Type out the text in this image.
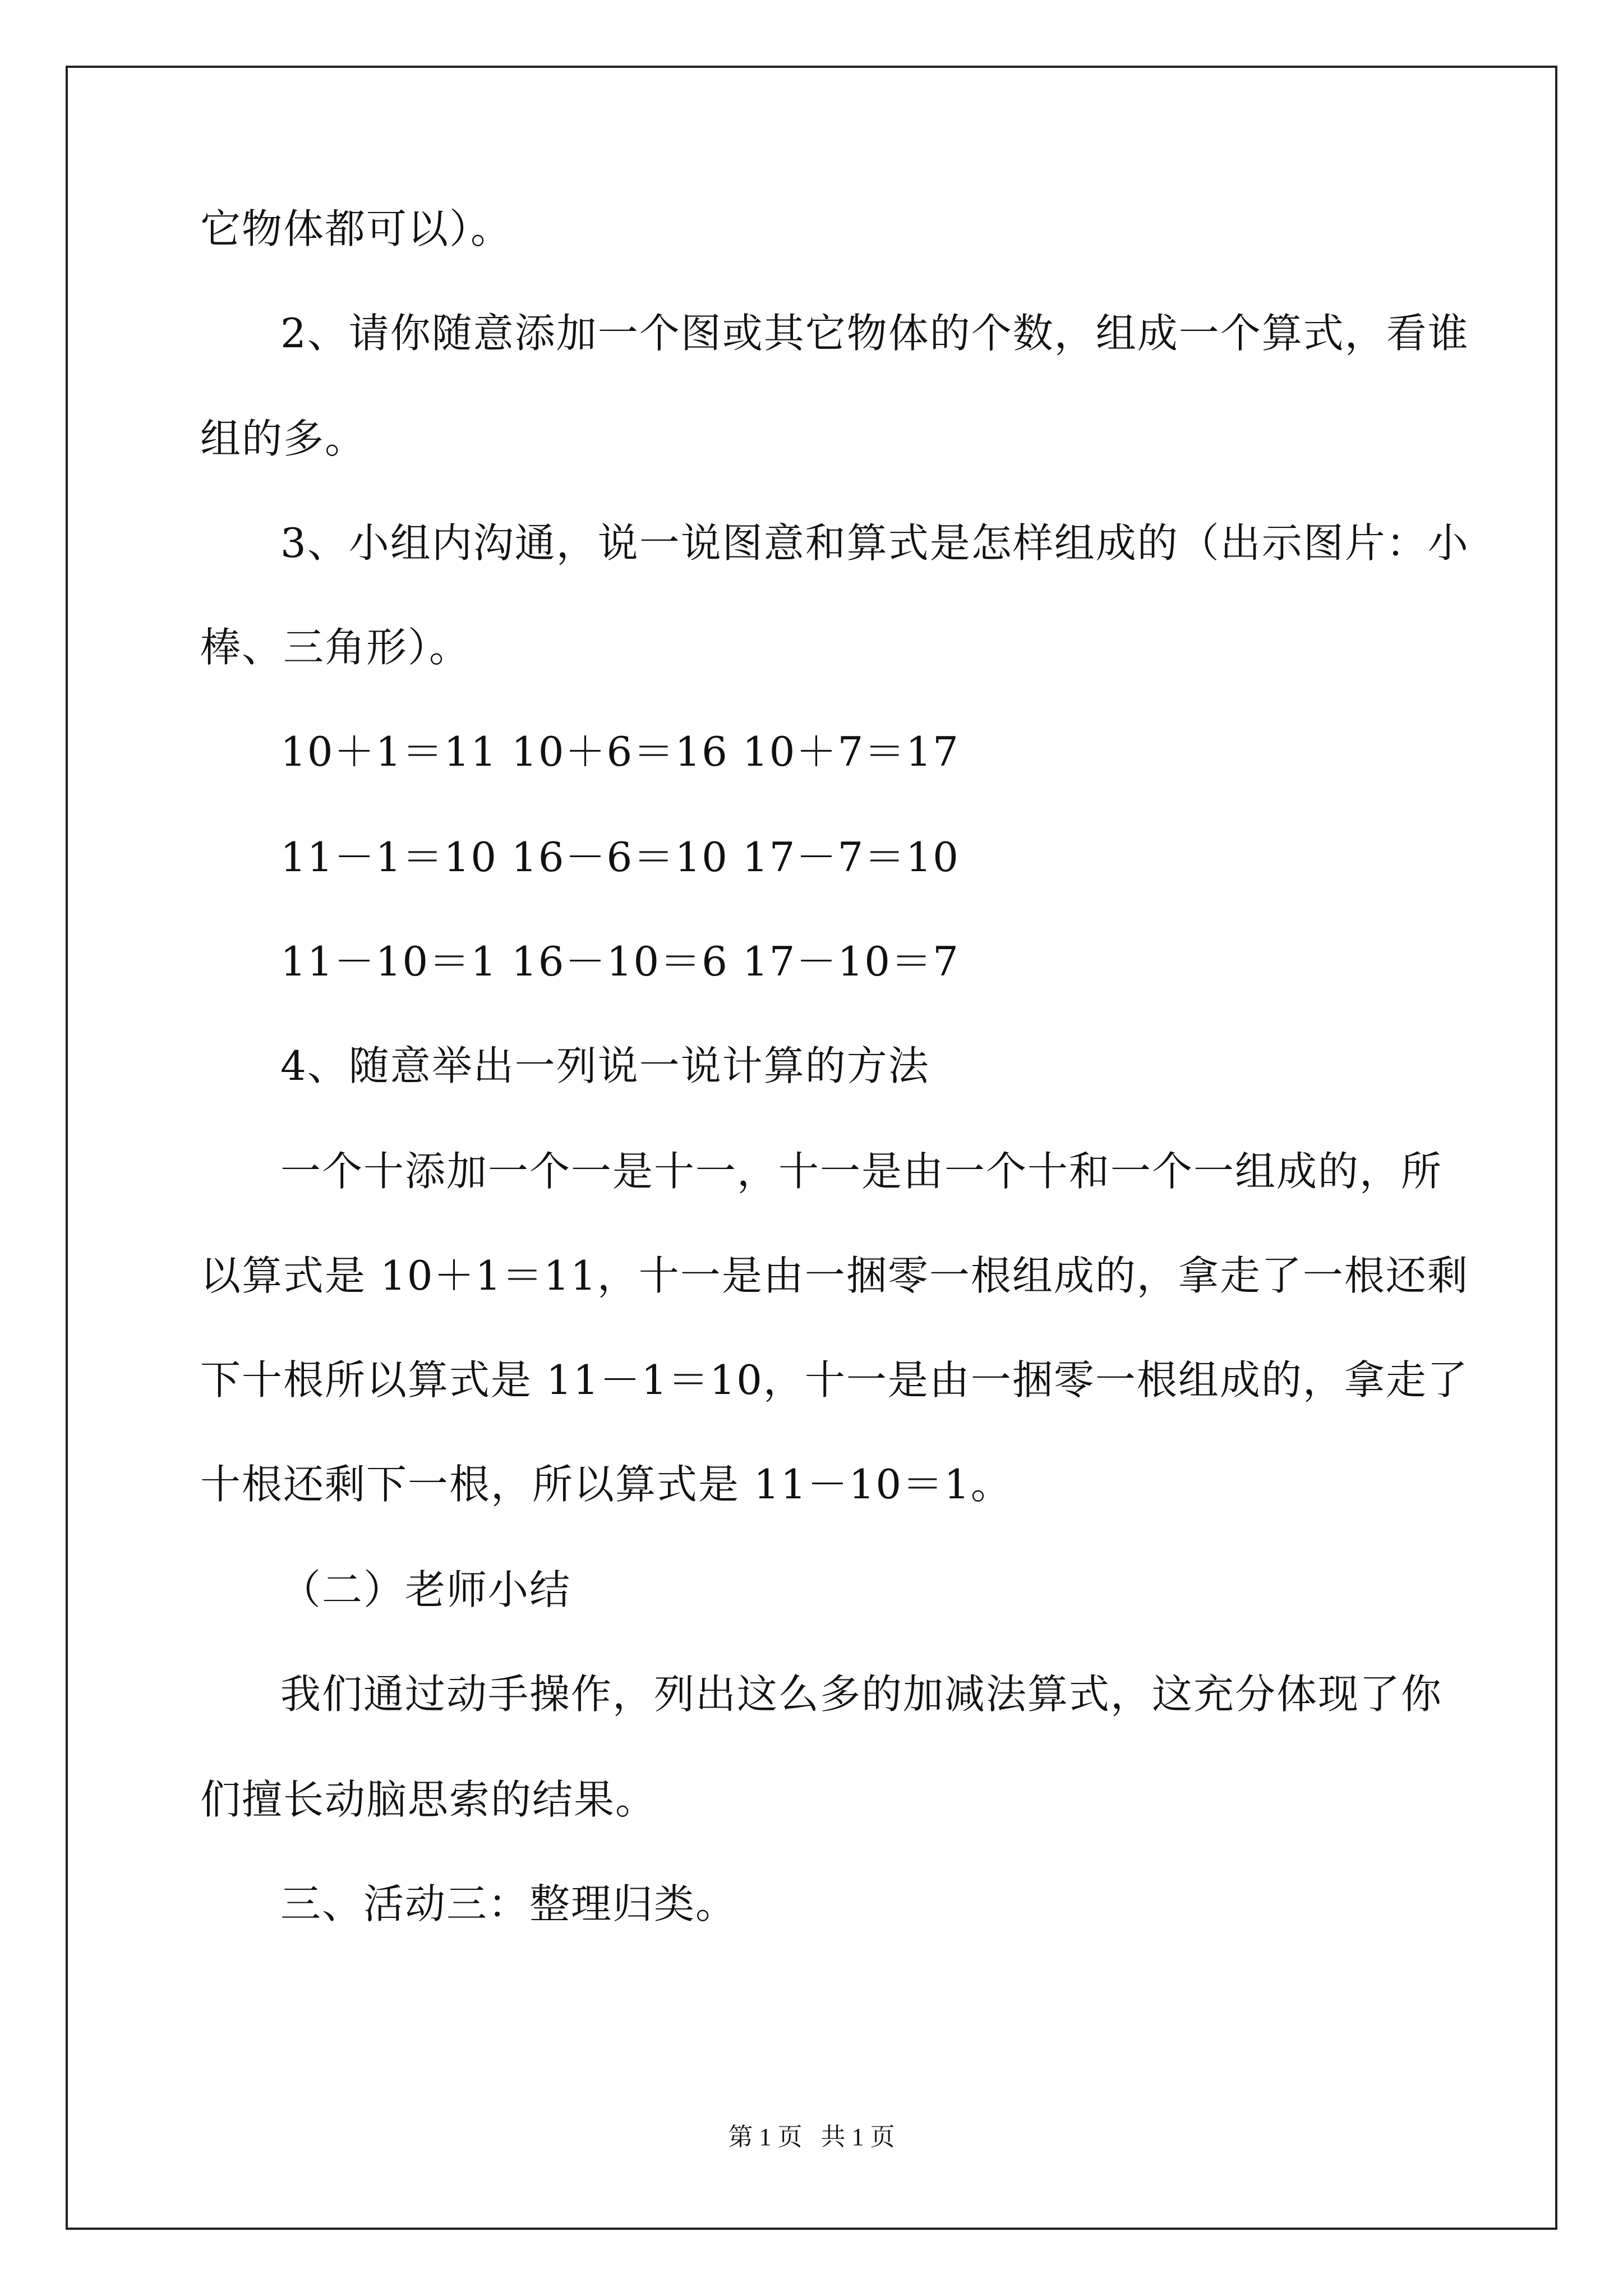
它物体都可以）。
2、请你随意添加一个图或其它物体的个数，组成一个算式，看谁
组的多。
3、小组内沟通，说一说图意和算式是怎样组成的（出示图片：小
棒、三角形）。
10＋1＝11 10＋6＝16 10＋7＝17
11－1＝10 16－6＝10 17－7＝10
11－10＝1 16－10＝6 17－10＝7
4、随意举出一列说一说计算的方法
一个十添加一个一是十一，十一是由一个十和一个一组成的，所
以算式是 10＋1＝11，十一是由一捆零一根组成的，拿走了一根还剩
下十根所以算式是 11－1＝10，十一是由一捆零一根组成的，拿走了
十根还剩下一根，所以算式是 11－10＝1。
（二）老师小结
我们通过动手操作，列出这么多的加减法算式，这充分体现了你
们擅长动脑思索的结果。
三、活动三：整理归类。
第 1 页   共 1 页
